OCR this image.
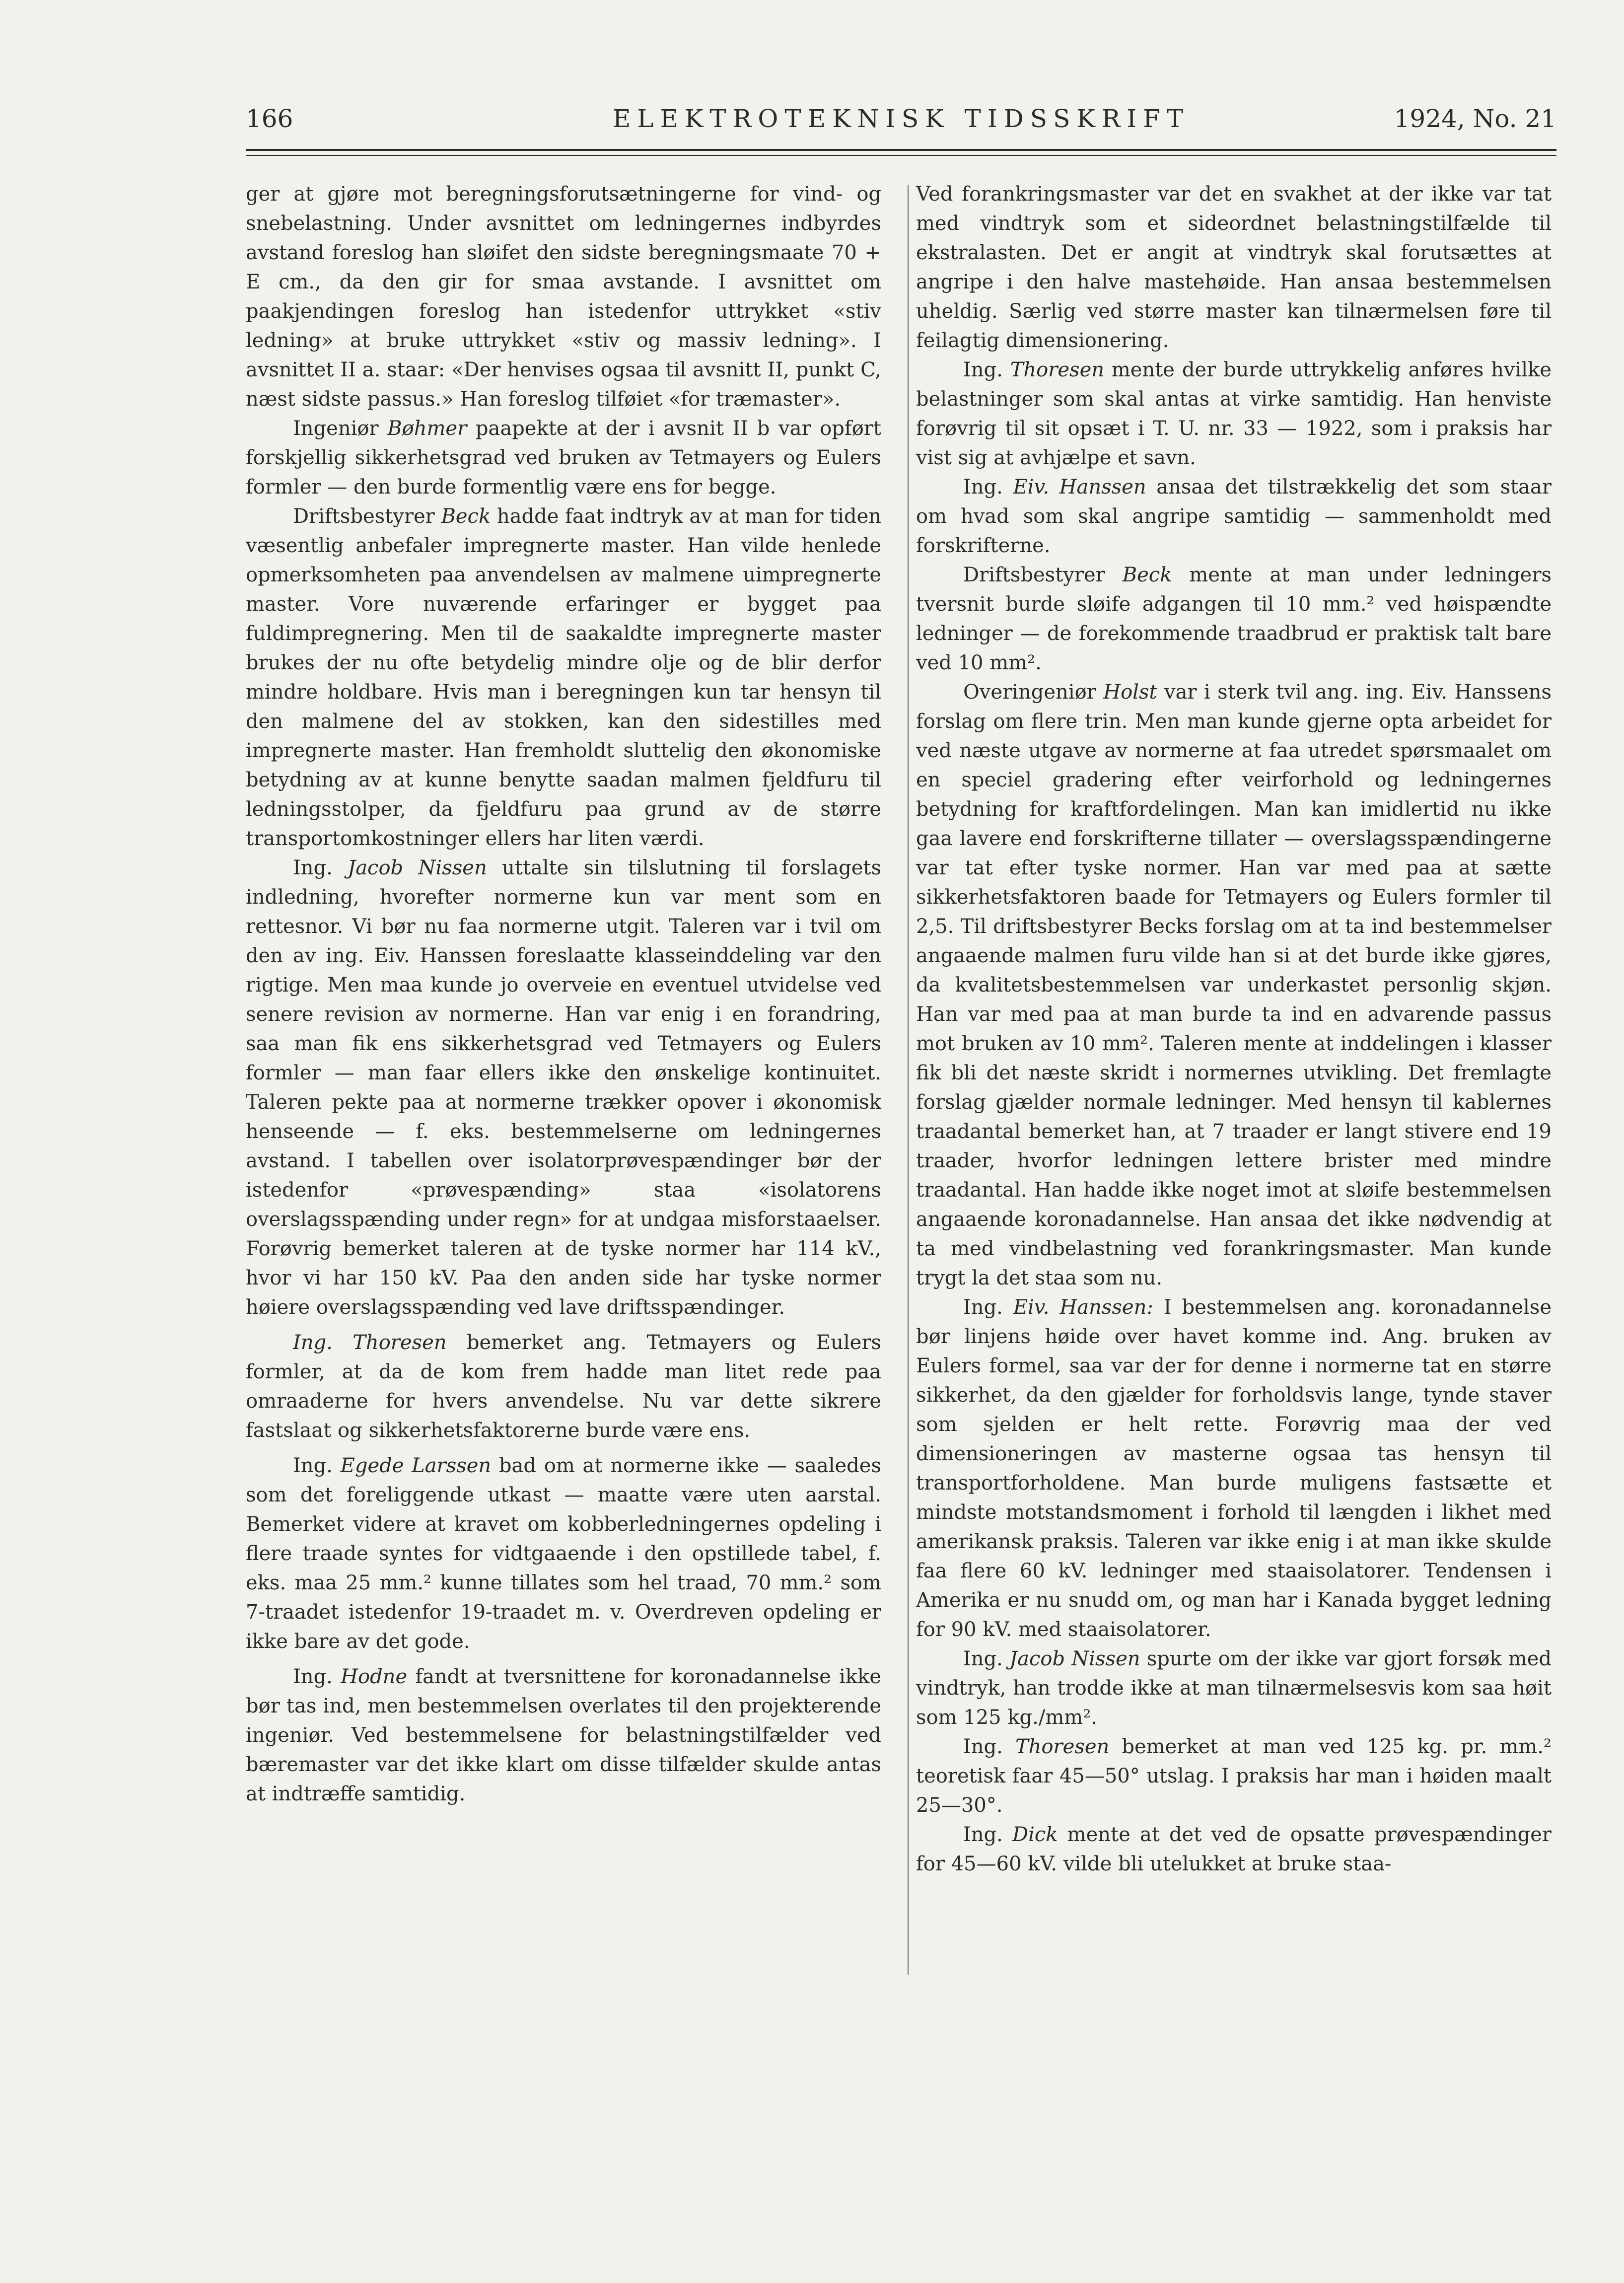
166	ELEKTROTEKNISK TIDSSKRIFT	1924, No. 21

ger at gjøre mot beregningsforutsætningerne for vind- og snebelastning. Under avsnittet om ledningernes indbyrdes avstand foreslog han sløifet den sidste beregningsmaate 70 + E cm., da den gir for smaa avstande. I avsnittet om paakjendingen foreslog han istedenfor uttrykket «stiv ledning» at bruke uttrykket «stiv og massiv ledning». I avsnittet II a. staar: «Der henvises ogsaa til avsnitt II, punkt C, næst sidste passus.» Han foreslog tilføiet «for træmaster».

Ingeniør Bøhmer paapekte at der i avsnit II b var opført forskjellig sikkerhetsgrad ved bruken av Tetmayers og Eulers formler — den burde formentlig være ens for begge.

Driftsbestyrer Beck hadde faat indtryk av at man for tiden væsentlig anbefaler impregnerte master. Han vilde henlede opmerksomheten paa anvendelsen av malmene uimpregnerte master. Vore nuværende erfaringer er bygget paa fuldimpregnering. Men til de saakaldte impregnerte master brukes der nu ofte betydelig mindre olje og de blir derfor mindre holdbare. Hvis man i beregningen kun tar hensyn til den malmene del av stokken, kan den sidestilles med impregnerte master. Han fremholdt sluttelig den økonomiske betydning av at kunne benytte saadan malmen fjeldfuru til ledningsstolper, da fjeldfuru paa grund av de større transportomkostninger ellers har liten værdi.

Ing. Jacob Nissen uttalte sin tilslutning til forslagets indledning, hvorefter normerne kun var ment som en rettesnor. Vi bør nu faa normerne utgit. Taleren var i tvil om den av ing. Eiv. Hanssen foreslaatte klasseinddeling var den rigtige. Men maa kunde jo overveie en eventuel utvidelse ved senere revision av normerne. Han var enig i en forandring, saa man fik ens sikkerhetsgrad ved Tetmayers og Eulers formler — man faar ellers ikke den ønskelige kontinuitet. Taleren pekte paa at normerne trækker opover i økonomisk henseende — f. eks. bestemmelserne om ledningernes avstand. I tabellen over isolatorprøvespændinger bør der istedenfor «prøvespænding» staa «isolatorens overslagsspænding under regn» for at undgaa misforstaaelser. Forøvrig bemerket taleren at de tyske normer har 114 kV., hvor vi har 150 kV. Paa den anden side har tyske normer høiere overslagsspænding ved lave driftsspændinger.

Ing. Thoresen bemerket ang. Tetmayers og Eulers formler, at da de kom frem hadde man litet rede paa omraaderne for hvers anvendelse. Nu var dette sikrere fastslaat og sikkerhetsfaktorerne burde være ens.

Ing. Egede Larssen bad om at normerne ikke — saaledes som det foreliggende utkast — maatte være uten aarstal. Bemerket videre at kravet om kobberledningernes opdeling i flere traade syntes for vidtgaaende i den opstillede tabel, f. eks. maa 25 mm.² kunne tillates som hel traad, 70 mm.² som 7-traadet istedenfor 19-traadet m. v. Overdreven opdeling er ikke bare av det gode.

Ing. Hodne fandt at tversnittene for koronadannelse ikke bør tas ind, men bestemmelsen overlates til den projekterende ingeniør. Ved bestemmelsene for belastningstilfælder ved bæremaster var det ikke klart om disse tilfælder skulde antas at indtræffe samtidig.

Ved forankringsmaster var det en svakhet at der ikke var tat med vindtryk som et sideordnet belastningstilfælde til ekstralasten. Det er angit at vindtryk skal forutsættes at angripe i den halve mastehøide. Han ansaa bestemmelsen uheldig. Særlig ved større master kan tilnærmelsen føre til feilagtig dimensionering.

Ing. Thoresen mente der burde uttrykkelig anføres hvilke belastninger som skal antas at virke samtidig. Han henviste forøvrig til sit opsæt i T. U. nr. 33 — 1922, som i praksis har vist sig at avhjælpe et savn.

Ing. Eiv. Hanssen ansaa det tilstrækkelig det som staar om hvad som skal angripe samtidig — sammenholdt med forskrifterne.

Driftsbestyrer Beck mente at man under ledningers tversnit burde sløife adgangen til 10 mm.² ved høispændte ledninger — de forekommende traadbrud er praktisk talt bare ved 10 mm².

Overingeniør Holst var i sterk tvil ang. ing. Eiv. Hanssens forslag om flere trin. Men man kunde gjerne opta arbeidet for ved næste utgave av normerne at faa utredet spørsmaalet om en speciel gradering efter veirforhold og ledningernes betydning for kraftfordelingen. Man kan imidlertid nu ikke gaa lavere end forskrifterne tillater — overslagsspændingerne var tat efter tyske normer. Han var med paa at sætte sikkerhetsfaktoren baade for Tetmayers og Eulers formler til 2,5. Til driftsbestyrer Becks forslag om at ta ind bestemmelser angaaende malmen furu vilde han si at det burde ikke gjøres, da kvalitetsbestemmelsen var underkastet personlig skjøn. Han var med paa at man burde ta ind en advarende passus mot bruken av 10 mm². Taleren mente at inddelingen i klasser fik bli det næste skridt i normernes utvikling. Det fremlagte forslag gjælder normale ledninger. Med hensyn til kablernes traadantal bemerket han, at 7 traader er langt stivere end 19 traader, hvorfor ledningen lettere brister med mindre traadantal. Han hadde ikke noget imot at sløife bestemmelsen angaaende koronadannelse. Han ansaa det ikke nødvendig at ta med vindbelastning ved forankringsmaster. Man kunde trygt la det staa som nu.

Ing. Eiv. Hanssen: I bestemmelsen ang. koronadannelse bør linjens høide over havet komme ind. Ang. bruken av Eulers formel, saa var der for denne i normerne tat en større sikkerhet, da den gjælder for forholdsvis lange, tynde staver som sjelden er helt rette. Forøvrig maa der ved dimensioneringen av masterne ogsaa tas hensyn til transportforholdene. Man burde muligens fastsætte et mindste motstandsmoment i forhold til længden i likhet med amerikansk praksis. Taleren var ikke enig i at man ikke skulde faa flere 60 kV. ledninger med staaisolatorer. Tendensen i Amerika er nu snudd om, og man har i Kanada bygget ledning for 90 kV. med staaisolatorer.

Ing. Jacob Nissen spurte om der ikke var gjort forsøk med vindtryk, han trodde ikke at man tilnærmelsesvis kom saa høit som 125 kg./mm².

Ing. Thoresen bemerket at man ved 125 kg. pr. mm.² teoretisk faar 45—50° utslag. I praksis har man i høiden maalt 25—30°.

Ing. Dick mente at det ved de opsatte prøvespændinger for 45—60 kV. vilde bli utelukket at bruke staa-
